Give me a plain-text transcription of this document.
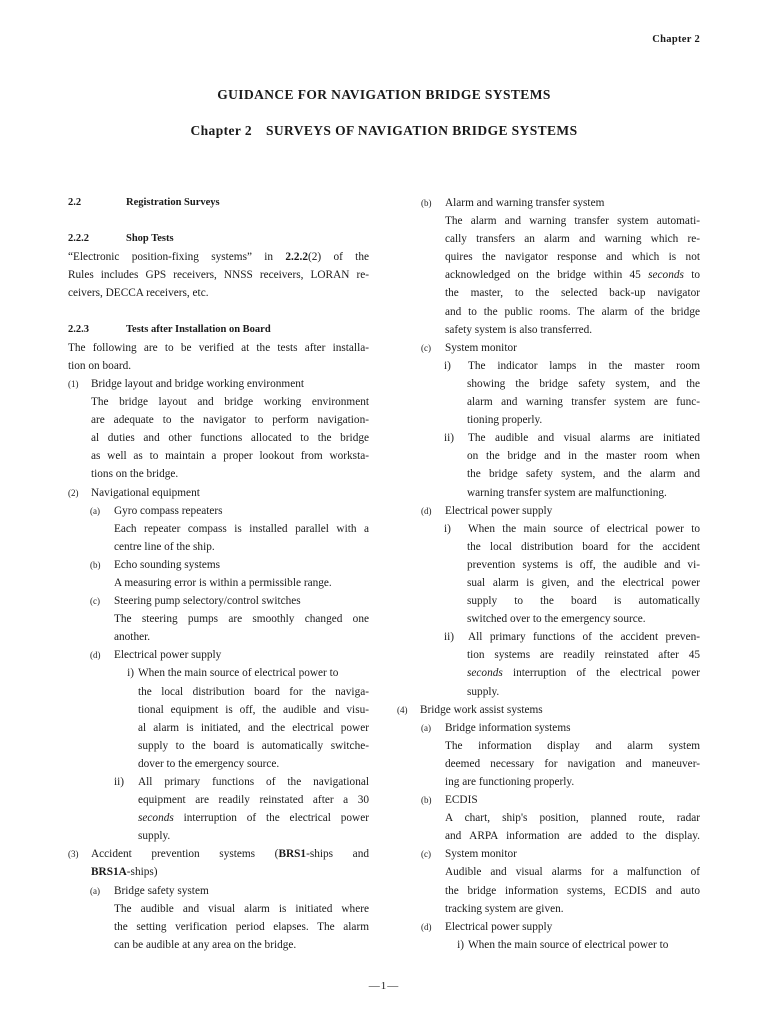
Chapter 2
GUIDANCE FOR NAVIGATION BRIDGE SYSTEMS
Chapter 2 SURVEYS OF NAVIGATION BRIDGE SYSTEMS
2.2	Registration Surveys
2.2.2	Shop Tests
“Electronic position-fixing systems” in 2.2.2(2) of the
Rules includes GPS receivers, NNSS receivers, LORAN re-
ceivers, DECCA receivers, etc.
2.2.3	Tests after Installation on Board
The following are to be verified at the tests after installa-
tion on board.
(1) Bridge layout and bridge working environment
The bridge layout and bridge working environment
are adequate to the navigator to perform navigation-
al duties and other functions allocated to the bridge
as well as to maintain a proper lookout from worksta-
tions on the bridge.
(2) Navigational equipment
(a) Gyro compass repeaters
Each repeater compass is installed parallel with a
centre line of the ship.
(b) Echo sounding systems
A measuring error is within a permissible range.
(c) Steering pump selectory/control switches
The steering pumps are smoothly changed one
another.
(d) Electrical power supply
i) When the main source of electrical power to
the local distribution board for the naviga-
tional equipment is off, the audible and visu-
al alarm is initiated, and the electrical power
supply to the board is automatically switche-
dover to the emergency source.
ii) All primary functions of the navigational
equipment are readily reinstated after a 30
seconds interruption of the electrical power
supply.
(3) Accident prevention systems (BRS1-ships and
BRS1A-ships)
(a) Bridge safety system
The audible and visual alarm is initiated where
the setting verification period elapses. The alarm
can be audible at any area on the bridge.
(b) Alarm and warning transfer system
The alarm and warning transfer system automati-
cally transfers an alarm and warning which re-
quires the navigator response and which is not
acknowledged on the bridge within 45 seconds to
the master, to the selected back-up navigator
and to the public rooms. The alarm of the bridge
safety system is also transferred.
(c) System monitor
i) The indicator lamps in the master room
showing the bridge safety system, and the
alarm and warning transfer system are func-
tioning properly.
ii) The audible and visual alarms are initiated
on the bridge and in the master room when
the bridge safety system, and the alarm and
warning transfer system are malfunctioning.
(d) Electrical power supply
i) When the main source of electrical power to
the local distribution board for the accident
prevention systems is off, the audible and vi-
sual alarm is given, and the electrical power
supply to the board is automatically
switched over to the emergency source.
ii) All primary functions of the accident preven-
tion systems are readily reinstated after 45
seconds interruption of the electrical power
supply.
(4) Bridge work assist systems
(a) Bridge information systems
The information display and alarm system
deemed necessary for navigation and maneuver-
ing are functioning properly.
(b) ECDIS
A chart, ship's position, planned route, radar
and ARPA information are added to the display.
(c) System monitor
Audible and visual alarms for a malfunction of
the bridge information systems, ECDIS and auto
tracking system are given.
(d) Electrical power supply
i) When the main source of electrical power to
—1—
